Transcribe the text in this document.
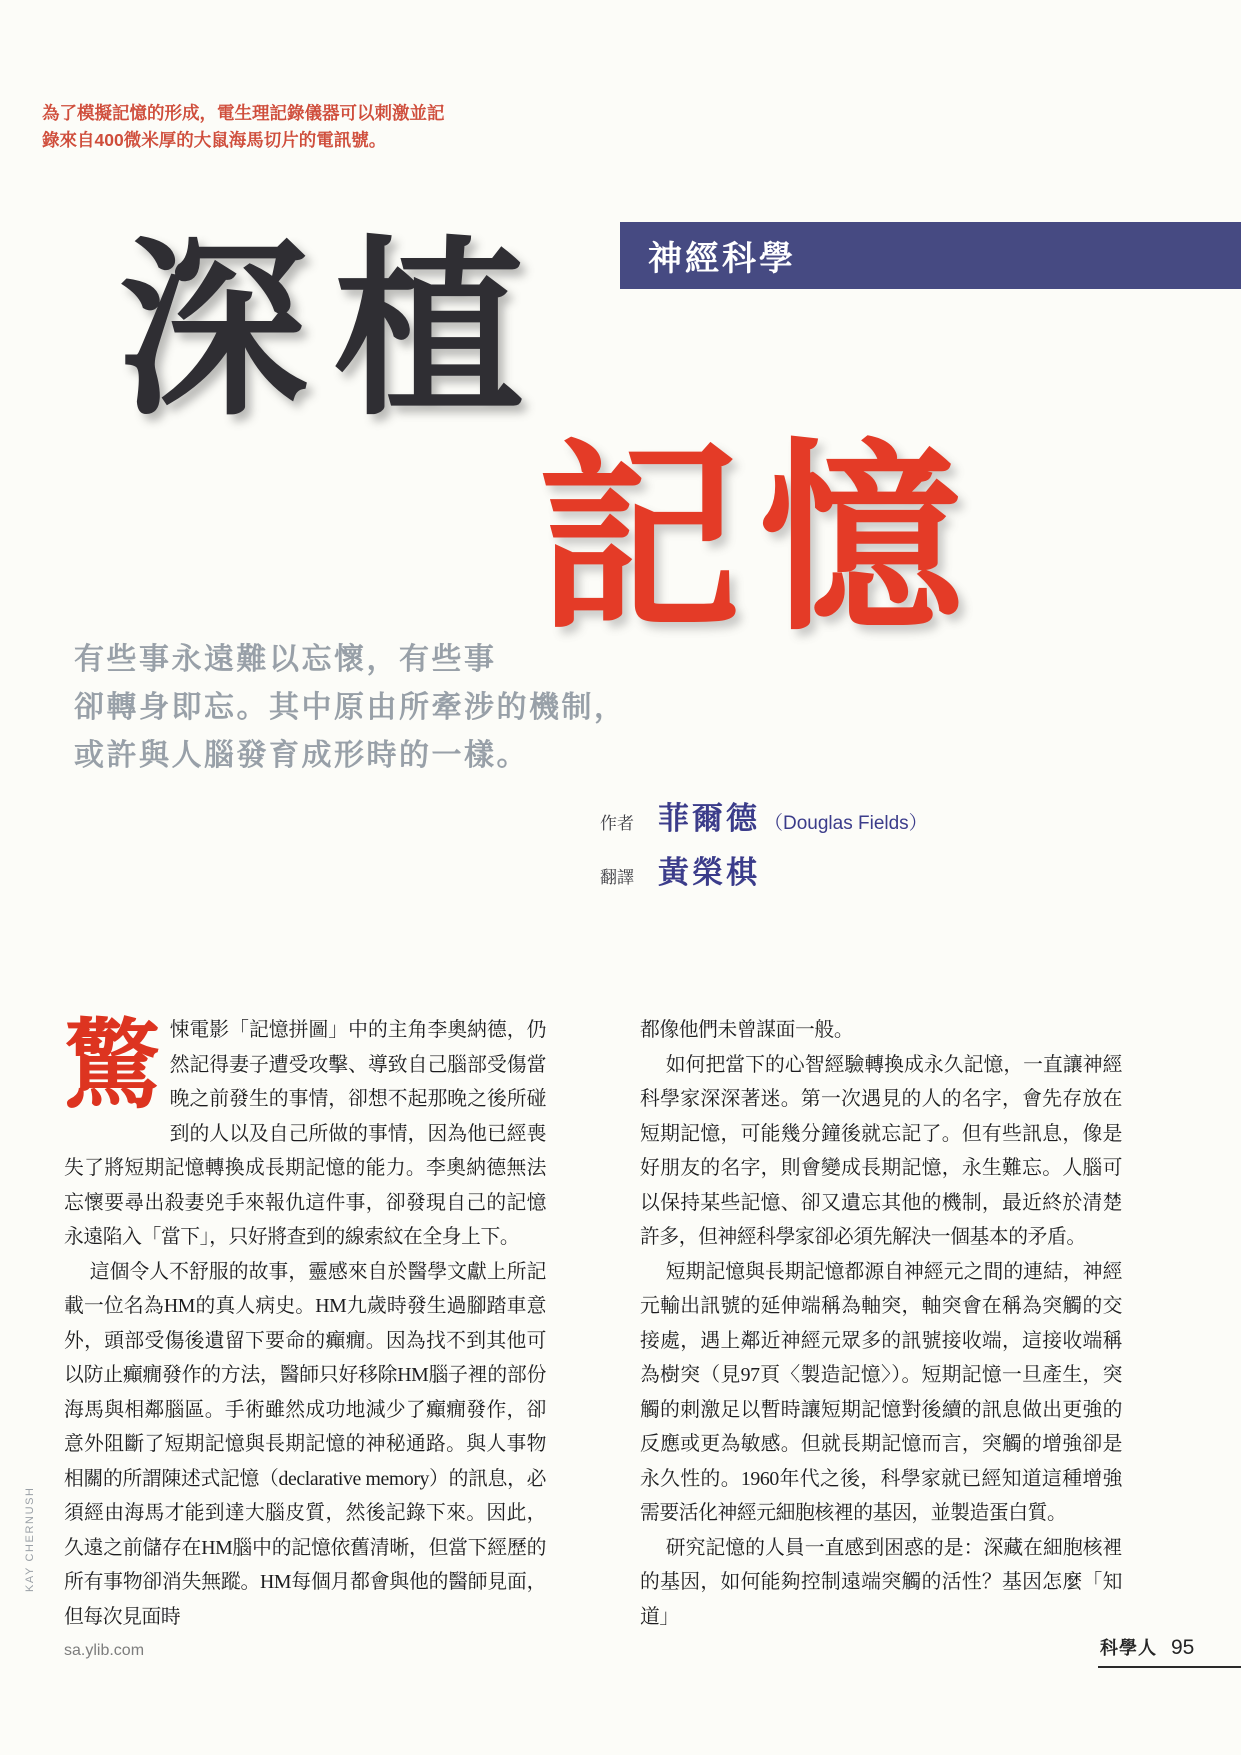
KAY CHERNUSH
為了模擬記憶的形成，電生理記錄儀器可以刺激並記
錄來自400微米厚的大鼠海馬切片的電訊號。
神經科學
深植
記憶
有些事永遠難以忘懷，有些事
卻轉身即忘。其中原由所牽涉的機制，
或許與人腦發育成形時的一樣。
作者 菲爾德 （Douglas Fields）
翻譯 黃榮棋

驚悚電影「記憶拼圖」中的主角李奧納德，仍然記得妻子遭受攻擊、導致自己腦部受傷當晚之前發生的事情，卻想不起那晚之後所碰到的人以及自己所做的事情，因為他已經喪失了將短期記憶轉換成長期記憶的能力。李奧納德無法忘懷要尋出殺妻兇手來報仇這件事，卻發現自己的記憶永遠陷入「當下」，只好將查到的線索紋在全身上下。

這個令人不舒服的故事，靈感來自於醫學文獻上所記載一位名為HM的真人病史。HM九歲時發生過腳踏車意外，頭部受傷後遺留下要命的癲癇。因為找不到其他可以防止癲癇發作的方法，醫師只好移除HM腦子裡的部份海馬與相鄰腦區。手術雖然成功地減少了癲癇發作，卻意外阻斷了短期記憶與長期記憶的神秘通路。與人事物相關的所謂陳述式記憶（declarative memory）的訊息，必須經由海馬才能到達大腦皮質，然後記錄下來。因此，久遠之前儲存在HM腦中的記憶依舊清晰，但當下經歷的所有事物卻消失無蹤。HM每個月都會與他的醫師見面，但每次見面時

都像他們未曾謀面一般。

如何把當下的心智經驗轉換成永久記憶，一直讓神經科學家深深著迷。第一次遇見的人的名字，會先存放在短期記憶，可能幾分鐘後就忘記了。但有些訊息，像是好朋友的名字，則會變成長期記憶，永生難忘。人腦可以保持某些記憶、卻又遺忘其他的機制，最近終於清楚許多，但神經科學家卻必須先解決一個基本的矛盾。

短期記憶與長期記憶都源自神經元之間的連結，神經元輸出訊號的延伸端稱為軸突，軸突會在稱為突觸的交接處，遇上鄰近神經元眾多的訊號接收端，這接收端稱為樹突（見97頁〈製造記憶〉）。短期記憶一旦產生，突觸的刺激足以暫時讓短期記憶對後續的訊息做出更強的反應或更為敏感。但就長期記憶而言，突觸的增強卻是永久性的。1960年代之後，科學家就已經知道這種增強需要活化神經元細胞核裡的基因，並製造蛋白質。

研究記憶的人員一直感到困惑的是：深藏在細胞核裡的基因，如何能夠控制遠端突觸的活性？基因怎麼「知道」

sa.ylib.com	科學人 95
